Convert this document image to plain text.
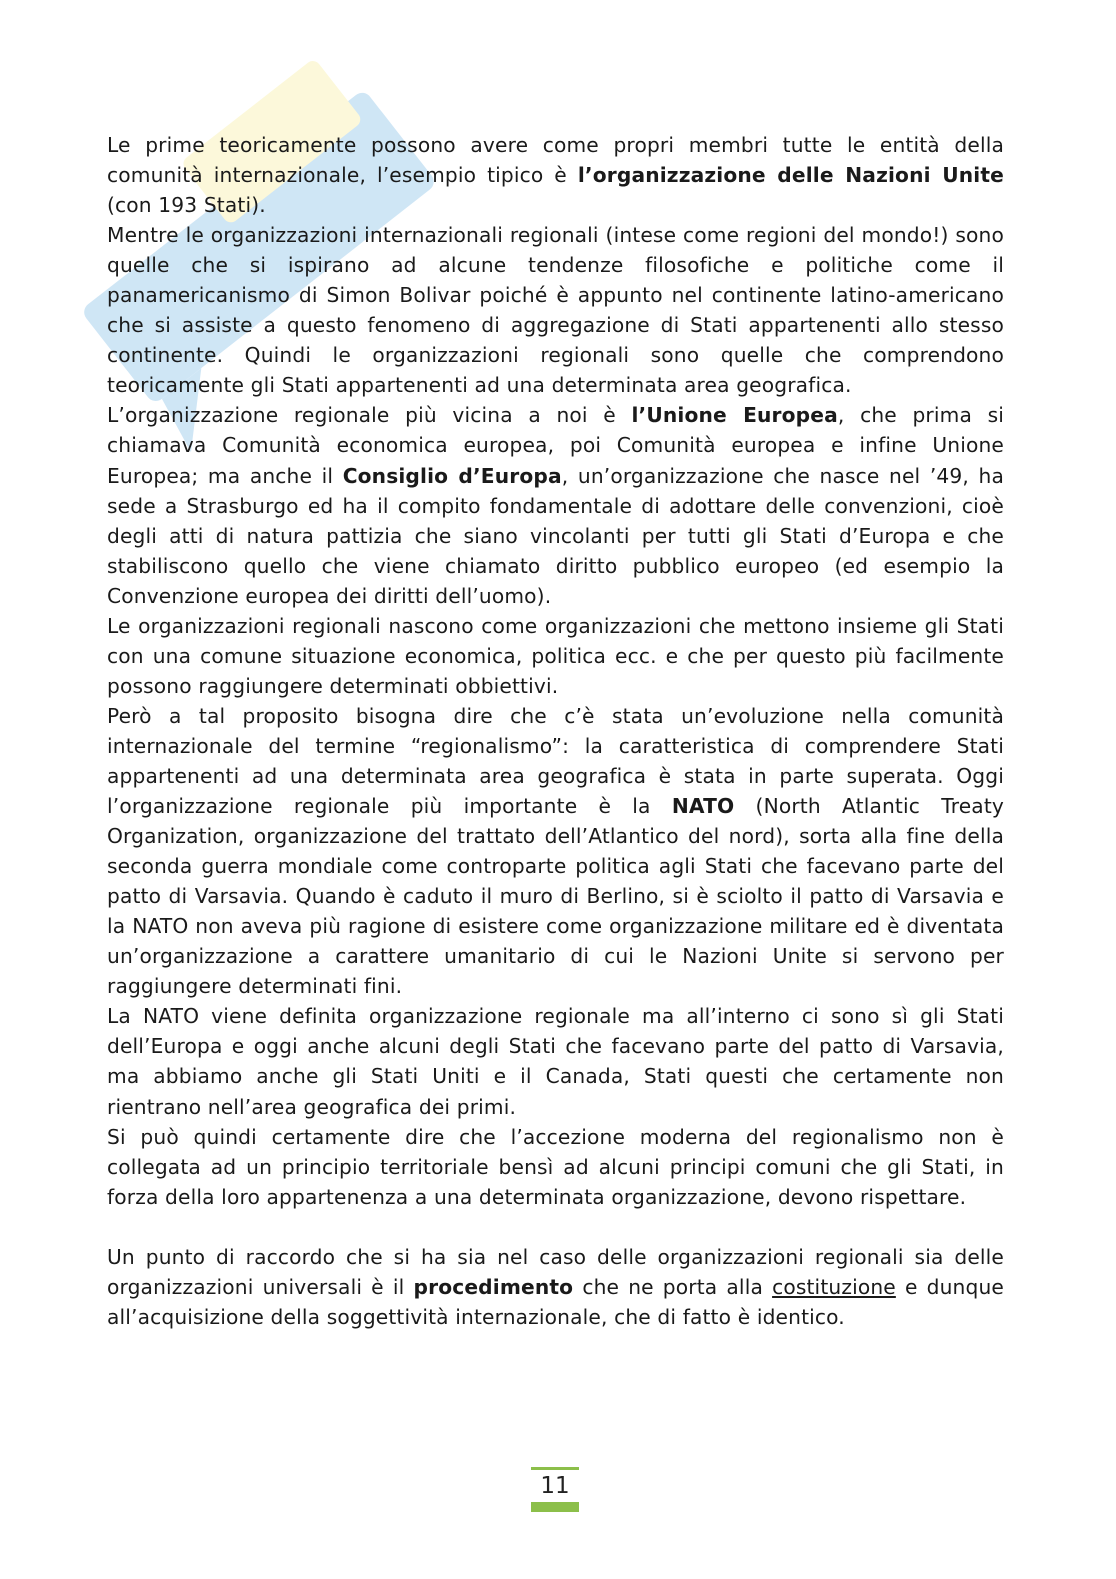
Le prime teoricamente possono avere come propri membri tutte le entità della comunità internazionale, l’esempio tipico è l’organizzazione delle Nazioni Unite (con 193 Stati).

Mentre le organizzazioni internazionali regionali (intese come regioni del mondo!) sono quelle che si ispirano ad alcune tendenze filosofiche e politiche come il panamericanismo di Simon Bolivar poiché è appunto nel continente latino-americano che si assiste a questo fenomeno di aggregazione di Stati appartenenti allo stesso continente. Quindi le organizzazioni regionali sono quelle che comprendono teoricamente gli Stati appartenenti ad una determinata area geografica.

L’organizzazione regionale più vicina a noi è l’Unione Europea, che prima si chiamava Comunità economica europea, poi Comunità europea e infine Unione Europea; ma anche il Consiglio d’Europa, un’organizzazione che nasce nel ’49, ha sede a Strasburgo ed ha il compito fondamentale di adottare delle convenzioni, cioè degli atti di natura pattizia che siano vincolanti per tutti gli Stati d’Europa e che stabiliscono quello che viene chiamato diritto pubblico europeo (ed esempio la Convenzione europea dei diritti dell’uomo).

Le organizzazioni regionali nascono come organizzazioni che mettono insieme gli Stati con una comune situazione economica, politica ecc. e che per questo più facilmente possono raggiungere determinati obbiettivi.

Però a tal proposito bisogna dire che c’è stata un’evoluzione nella comunità internazionale del termine “regionalismo”: la caratteristica di comprendere Stati appartenenti ad una determinata area geografica è stata in parte superata. Oggi l’organizzazione regionale più importante è la NATO (North Atlantic Treaty Organization, organizzazione del trattato dell’Atlantico del nord), sorta alla fine della seconda guerra mondiale come controparte politica agli Stati che facevano parte del patto di Varsavia. Quando è caduto il muro di Berlino, si è sciolto il patto di Varsavia e la NATO non aveva più ragione di esistere come organizzazione militare ed è diventata un’organizzazione a carattere umanitario di cui le Nazioni Unite si servono per raggiungere determinati fini.

La NATO viene definita organizzazione regionale ma all’interno ci sono sì gli Stati dell’Europa e oggi anche alcuni degli Stati che facevano parte del patto di Varsavia, ma abbiamo anche gli Stati Uniti e il Canada, Stati questi che certamente non rientrano nell’area geografica dei primi.

Si può quindi certamente dire che l’accezione moderna del regionalismo non è collegata ad un principio territoriale bensì ad alcuni principi comuni che gli Stati, in forza della loro appartenenza a una determinata organizzazione, devono rispettare.

Un punto di raccordo che si ha sia nel caso delle organizzazioni regionali sia delle organizzazioni universali è il procedimento che ne porta alla costituzione e dunque all’acquisizione della soggettività internazionale, che di fatto è identico.

11
